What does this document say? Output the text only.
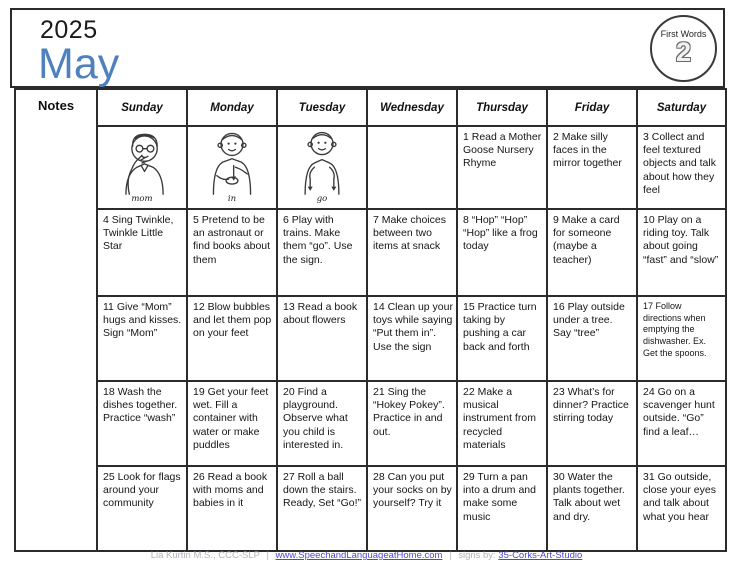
2025
May
First Words
2
Notes	Sunday	Monday	Tuesday	Wednesday	Thursday	Friday	Saturday

	mom	in	go		1 Read a Mother Goose Nursery Rhyme	2 Make silly faces in the mirror together	3 Collect and feel textured objects and talk about how they feel
	4 Sing Twinkle, Twinkle Little Star	5 Pretend to be an astronaut or find books about them	6 Play with trains. Make them “go”. Use the sign.	7 Make choices between two items at snack	8 “Hop” “Hop” “Hop” like a frog today	9 Make a card for someone (maybe a teacher)	10 Play on a riding toy. Talk about going “fast” and “slow”
	11 Give “Mom” hugs and kisses. Sign “Mom”	12 Blow bubbles and let them pop on your feet	13 Read a book about flowers	14 Clean up your toys while saying “Put them in”. Use the sign	15 Practice turn taking by pushing a car back and forth	16 Play outside under a tree. Say “tree”	17 Follow directions when emptying the dishwasher. Ex. Get the spoons.
	18 Wash the dishes together. Practice “wash”	19 Get your feet wet. Fill a container with water or make puddles	20 Find a playground. Observe what you child is interested in.	21 Sing the “Hokey Pokey”. Practice in and out.	22 Make a musical instrument from recycled materials	23 What’s for dinner? Practice stirring today	24 Go on a scavenger hunt outside. “Go” find a leaf…
	25 Look for flags around your community	26 Read a book with moms and babies in it	27 Roll a ball down the stairs. Ready, Set “Go!”	28 Can you put your socks on by yourself? Try it	29 Turn a pan into a drum and make some music	30 Water the plants together. Talk about wet and dry.	31 Go outside, close your eyes and talk about what you hear
Lia Kurtin M.S., CCC-SLP | www.SpeechandLanguageatHome.com | signs by: 35-Corks-Art-Studio
